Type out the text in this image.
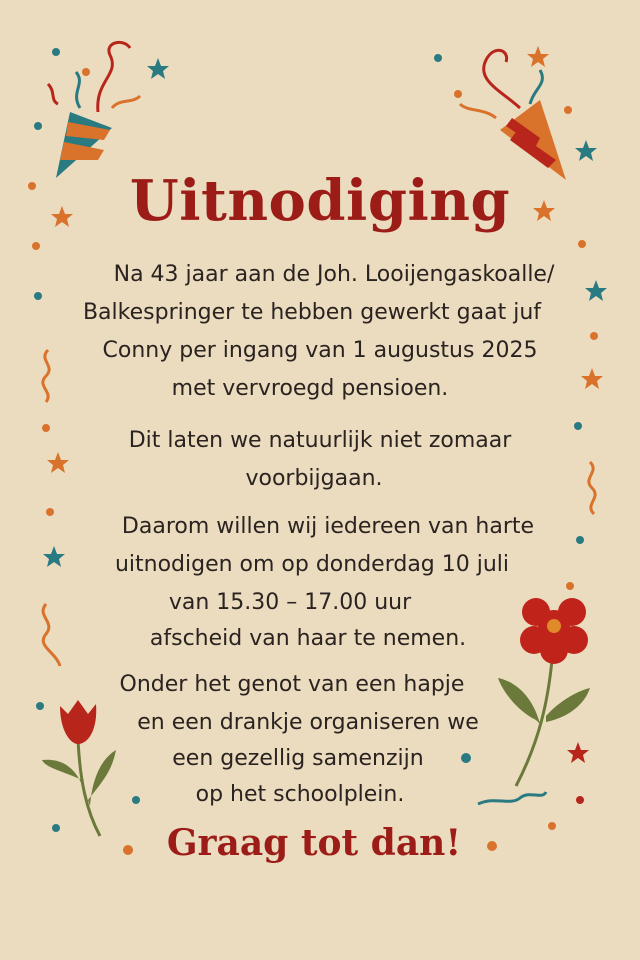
Uitnodiging
Na 43 jaar aan de Joh. Looijengaskoalle/
Balkespringer te hebben gewerkt gaat juf
Conny per ingang van 1 augustus 2025
met vervroegd pensioen.
Dit laten we natuurlijk niet zomaar
voorbijgaan.
Daarom willen wij iedereen van harte
uitnodigen om op donderdag 10 juli
van 15.30 – 17.00 uur
afscheid van haar te nemen.
Onder het genot van een hapje
en een drankje organiseren we
een gezellig samenzijn
op het schoolplein.
Graag tot dan!
